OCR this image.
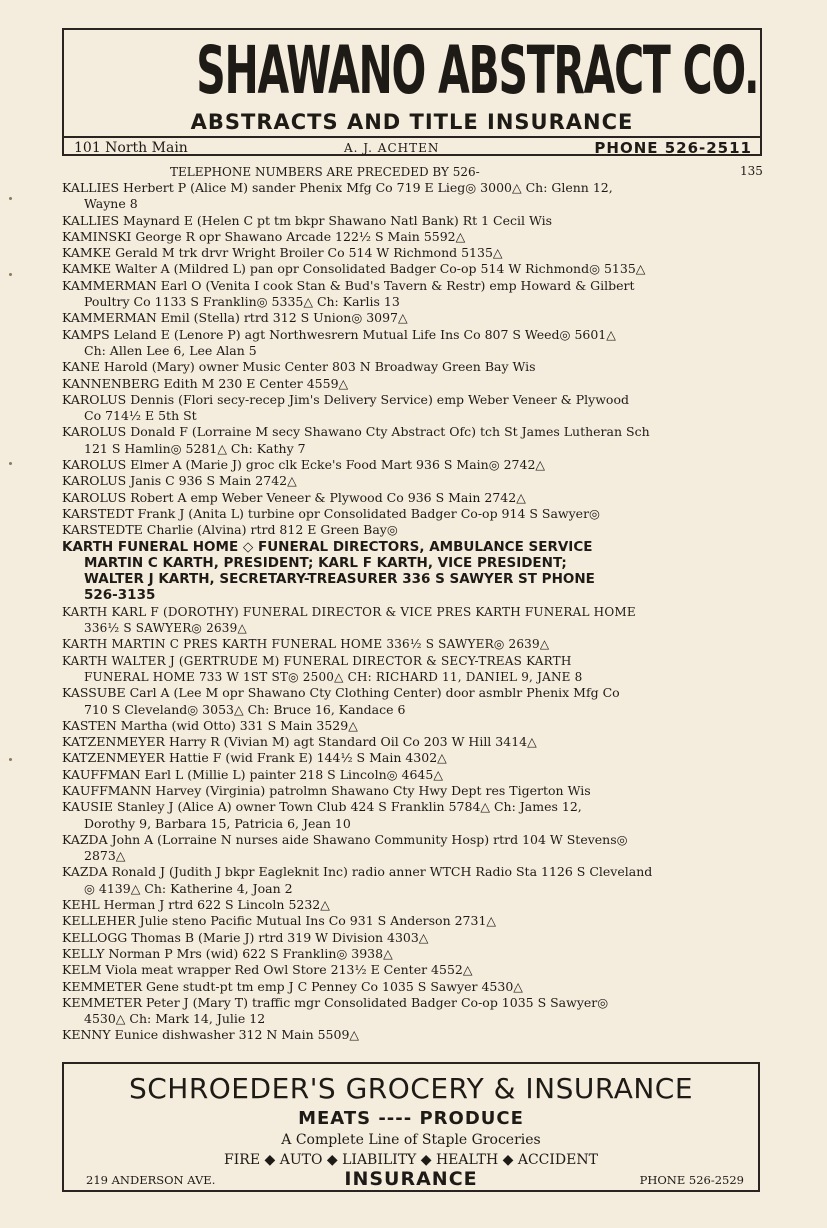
SHAWANO ABSTRACT CO.
ABSTRACTS AND TITLE INSURANCE
101 North Main	A. J. ACHTEN	PHONE 526-2511
TELEPHONE NUMBERS ARE PRECEDED BY 526-	135
KALLIES Herbert P (Alice M) sander Phenix Mfg Co 719 E Lieg◎ 3000△ Ch: Glenn 12,
Wayne 8
KALLIES Maynard E (Helen C pt tm bkpr Shawano Natl Bank) Rt 1 Cecil Wis
KAMINSKI George R opr Shawano Arcade 122½ S Main 5592△
KAMKE Gerald M trk drvr Wright Broiler Co 514 W Richmond 5135△
KAMKE Walter A (Mildred L) pan opr Consolidated Badger Co-op 514 W Richmond◎ 5135△
KAMMERMAN Earl O (Venita I cook Stan & Bud's Tavern & Restr) emp Howard & Gilbert
Poultry Co 1133 S Franklin◎ 5335△ Ch: Karlis 13
KAMMERMAN Emil (Stella) rtrd 312 S Union◎ 3097△
KAMPS Leland E (Lenore P) agt Northwesrern Mutual Life Ins Co 807 S Weed◎ 5601△
Ch: Allen Lee 6, Lee Alan 5
KANE Harold (Mary) owner Music Center 803 N Broadway Green Bay Wis
KANNENBERG Edith M 230 E Center 4559△
KAROLUS Dennis (Flori secy-recep Jim's Delivery Service) emp Weber Veneer & Plywood
Co 714½ E 5th St
KAROLUS Donald F (Lorraine M secy Shawano Cty Abstract Ofc) tch St James Lutheran Sch
121 S Hamlin◎ 5281△ Ch: Kathy 7
KAROLUS Elmer A (Marie J) groc clk Ecke's Food Mart 936 S Main◎ 2742△
KAROLUS Janis C 936 S Main 2742△
KAROLUS Robert A emp Weber Veneer & Plywood Co 936 S Main 2742△
KARSTEDT Frank J (Anita L) turbine opr Consolidated Badger Co-op 914 S Sawyer◎
KARSTEDTE Charlie (Alvina) rtrd 812 E Green Bay◎
KARTH FUNERAL HOME ◇ FUNERAL DIRECTORS, AMBULANCE SERVICE
MARTIN C KARTH, PRESIDENT; KARL F KARTH, VICE PRESIDENT;
WALTER J KARTH, SECRETARY-TREASURER 336 S SAWYER ST PHONE
526-3135
KARTH KARL F (DOROTHY) FUNERAL DIRECTOR & VICE PRES KARTH FUNERAL HOME
336½ S SAWYER◎ 2639△
KARTH MARTIN C PRES KARTH FUNERAL HOME 336½ S SAWYER◎ 2639△
KARTH WALTER J (GERTRUDE M) FUNERAL DIRECTOR & SECY-TREAS KARTH
FUNERAL HOME 733 W 1ST ST◎ 2500△ CH: RICHARD 11, DANIEL 9, JANE 8
KASSUBE Carl A (Lee M opr Shawano Cty Clothing Center) door asmblr Phenix Mfg Co
710 S Cleveland◎ 3053△ Ch: Bruce 16, Kandace 6
KASTEN Martha (wid Otto) 331 S Main 3529△
KATZENMEYER Harry R (Vivian M) agt Standard Oil Co 203 W Hill 3414△
KATZENMEYER Hattie F (wid Frank E) 144½ S Main 4302△
KAUFFMAN Earl L (Millie L) painter 218 S Lincoln◎ 4645△
KAUFFMANN Harvey (Virginia) patrolmn Shawano Cty Hwy Dept res Tigerton Wis
KAUSIE Stanley J (Alice A) owner Town Club 424 S Franklin 5784△ Ch: James 12,
Dorothy 9, Barbara 15, Patricia 6, Jean 10
KAZDA John A (Lorraine N nurses aide Shawano Community Hosp) rtrd 104 W Stevens◎
2873△
KAZDA Ronald J (Judith J bkpr Eagleknit Inc) radio anner WTCH Radio Sta 1126 S Cleveland
◎ 4139△ Ch: Katherine 4, Joan 2
KEHL Herman J rtrd 622 S Lincoln 5232△
KELLEHER Julie steno Pacific Mutual Ins Co 931 S Anderson 2731△
KELLOGG Thomas B (Marie J) rtrd 319 W Division 4303△
KELLY Norman P Mrs (wid) 622 S Franklin◎ 3938△
KELM Viola meat wrapper Red Owl Store 213½ E Center 4552△
KEMMETER Gene studt-pt tm emp J C Penney Co 1035 S Sawyer 4530△
KEMMETER Peter J (Mary T) traffic mgr Consolidated Badger Co-op 1035 S Sawyer◎
4530△ Ch: Mark 14, Julie 12
KENNY Eunice dishwasher 312 N Main 5509△
SCHROEDER'S GROCERY & INSURANCE
MEATS ---- PRODUCE
A Complete Line of Staple Groceries
FIRE ◆ AUTO ◆ LIABILITY ◆ HEALTH ◆ ACCIDENT
219 ANDERSON AVE.	INSURANCE	PHONE 526-2529
